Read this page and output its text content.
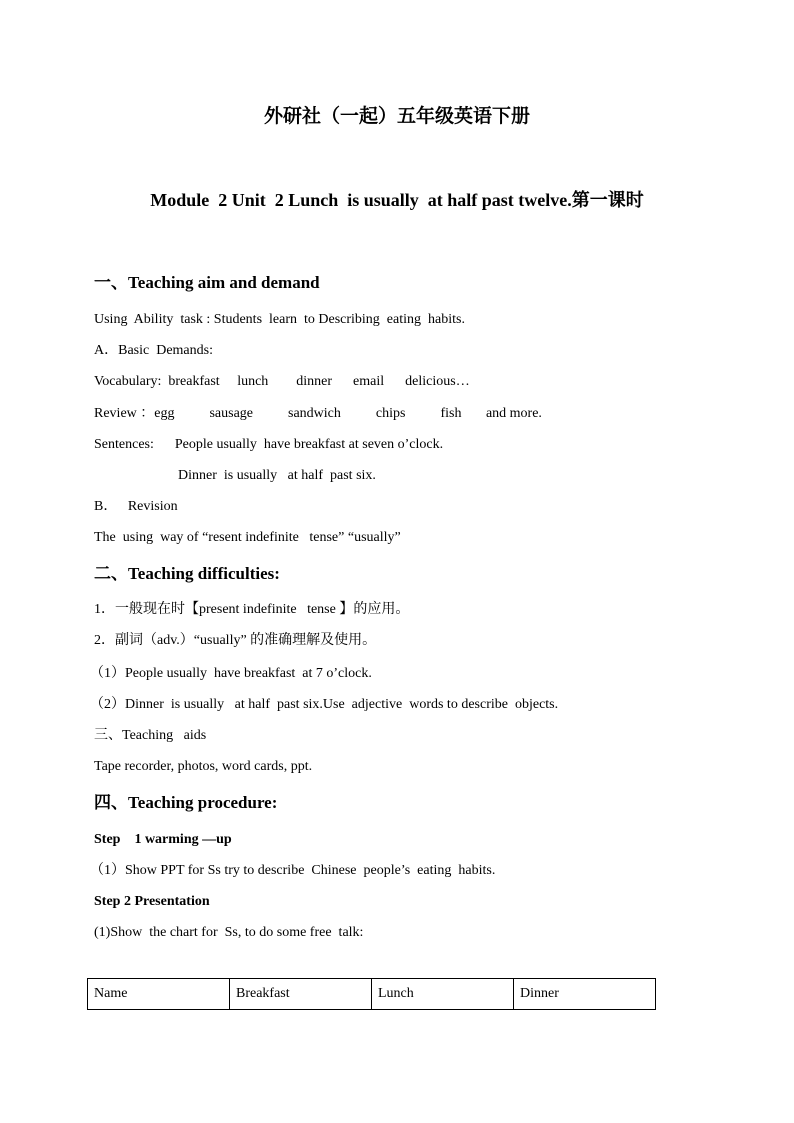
外研社（一起）五年级英语下册
Module  2 Unit  2 Lunch  is usually  at half past twelve.第一课时
一、Teaching aim and demand
Using  Ability  task : Students  learn  to Describing  eating  habits.
A．Basic  Demands:
Vocabulary:  breakfast     lunch        dinner      email      delicious…
Review ：egg          sausage          sandwich          chips          fish       and more.
Sentences:      People usually  have breakfast at seven o’clock.
Dinner  is usually   at half  past six.
B．   Revision
The  using  way of “resent indefinite   tense” “usually”
二、Teaching difficulties:
1．一般现在时【present indefinite   tense 】的应用。
2．副词（adv.）“usually” 的准确理解及使用。
（1）People usually  have breakfast  at 7 o’clock.
（2）Dinner  is usually   at half  past six.Use  adjective  words to describe  objects.
三、Teaching   aids
Tape recorder, photos, word cards, ppt.
四、Teaching procedure:
Step    1 warming —up
（1）Show PPT for Ss try to describe  Chinese  people’s  eating  habits.
Step 2 Presentation
(1)Show  the chart for  Ss, to do some free  talk:
Name	Breakfast	Lunch	Dinner
